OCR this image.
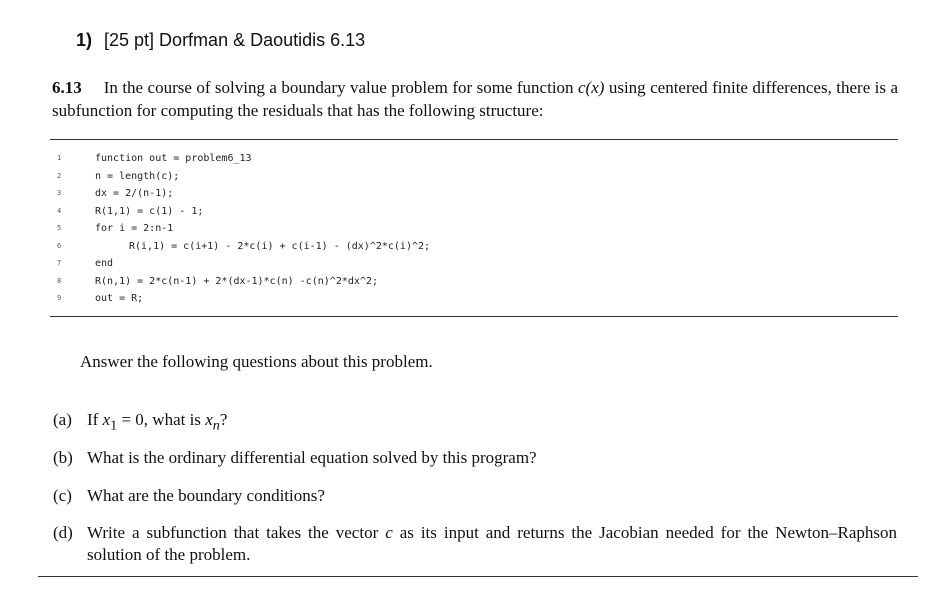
1) [25 pt] Dorfman & Daoutidis 6.13
6.13 In the course of solving a boundary value problem for some function c(x) using centered finite differences, there is a subfunction for computing the residuals that has the following structure:
1	function out = problem6_13
2	n = length(c);
3	dx = 2/(n-1);
4	R(1,1) = c(1) - 1;
5	for i = 2:n-1
6	R(i,1) = c(i+1) - 2*c(i) + c(i-1) - (dx)^2*c(i)^2;
7	end
8	R(n,1) = 2*c(n-1) + 2*(dx-1)*c(n) -c(n)^2*dx^2;
9	out = R;
Answer the following questions about this problem.
(a) If $x_1 = 0$, what is $x_n$?
(b) What is the ordinary differential equation solved by this program?
(c) What are the boundary conditions?
(d) Write a subfunction that takes the vector c as its input and returns the Jacobian needed for the Newton–Raphson solution of the problem.
